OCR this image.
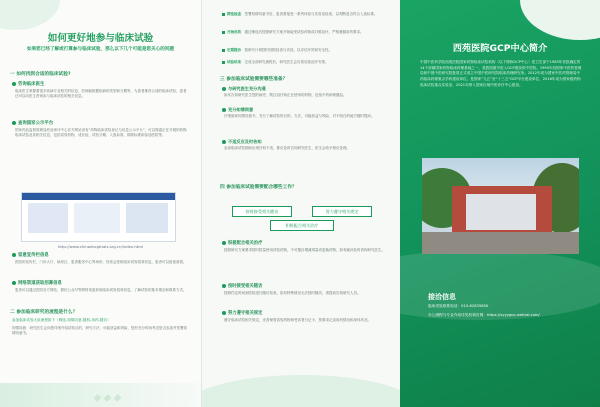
如何更好地参与临床试验
如果您已经了解或打算参与临床试验，那么以下几个可能是您关心的问题
一 如何找到合适的临床试验?
咨询临床医生
临床医生掌握着很多疾病专业相关的信息，医师能根据疾病的类型和分期等，为患者推荐合适的临床试验，患者还可以向医生咨询参与临床试验的相关信息。
查询国家公示平台
国家药品监督管理局药品审评中心官方网站设有“药物临床试验登记与信息公示平台”，可以搜索正在开展的药物临床试验及其相关信息，包括试验药物、适应症、试验分期、入组标准、排除标准和参加医院等。
http://www.chinadrugtrials.org.cn/index.html
留意宣传栏信息
医院的宣传栏、门诊大厅、病房区、患者服务中心等场所，经常会张贴临床试验招募信息，患者可以留意查看。
网络渠道获取招募信息
患者可以通过医院官方网站、微信公众号等网络渠道获取临床试验招募信息，了解试验的基本情况和联系方式。
二 参加临床研究的流程是什么？
参加临床试验大致流程如下（筛选-知情同意-随机-用药-随访）
知情同意：研究医生会向您详细介绍试验目的、研究方法、可能获益和风险，您有充分时间考虑是否参加并签署知情同意书。
筛选检查：签署知情同意书后，患者需接受一系列体检与实验室检查，以判断是否符合入选标准。
开始用药：通过筛选后按照研究方案开始接受试验药物或对照治疗，严格遵循用药要求。
定期随访：按研究计划按时回院检查与访视，以评估疗效和安全性。
试验结束：完成全部研究流程后，研究医生会告知后续治疗安排。
三 参加临床试验需要哪些准备？
与研究医生充分沟通
如实告知研究医生您的病史、既往治疗和正在使用的药物，包括中药和保健品。
充分知情同意
仔细阅读知情同意书，充分了解试验的目的、方法、可能获益与风险，对不明白的地方随时提问。
不适反应及时告知
参加临床试验期间出现任何不适，都应及时告知研究医生，医生会给予相应处理。
四 参加临床试验需要配合哪些工作？
按时接受相关随访	努力遵守相关规定
积极配合相关治疗
积极配合相关治疗
按照研究方案要求按时按量使用试验药物，不可擅自增减剂量或更换药物，如有疑问及时咨询研究医生。
按时接受相关随访
按照约定时间到医院进行随访检查，如有特殊情况无法按时随访，请提前告知研究人员。
努力遵守相关规定
遵守临床试验相关规定，妥善保管试验药物和受试者日记卡，按要求记录用药情况和身体状况。
西苑医院GCP中心简介
中国中医科学院西苑医院国家药物临床试验机构（以下简称GCP中心）是卫生部于1983年首批确定的14个部属国家药物临床药理基地之一，是我国最早进入GCP建设的中医院。1995年经国家中医药管理局和中国中医研究院批准正式成立中国中医研究院临床药理研究所。2012年成为国家中医药管理局中药临床药理重点学科建设单位。是国家“九五”至“十三五”GCP平台建设单位，2016年成为国家级药物临床试验重点实验室，2021年纳入国家区域中医诊疗中心建设。
接洽信息
临床试验联系电话：010-62835650
办公流程与专业介绍详见机构官网：https://xyyygcp.wetrial.com/
